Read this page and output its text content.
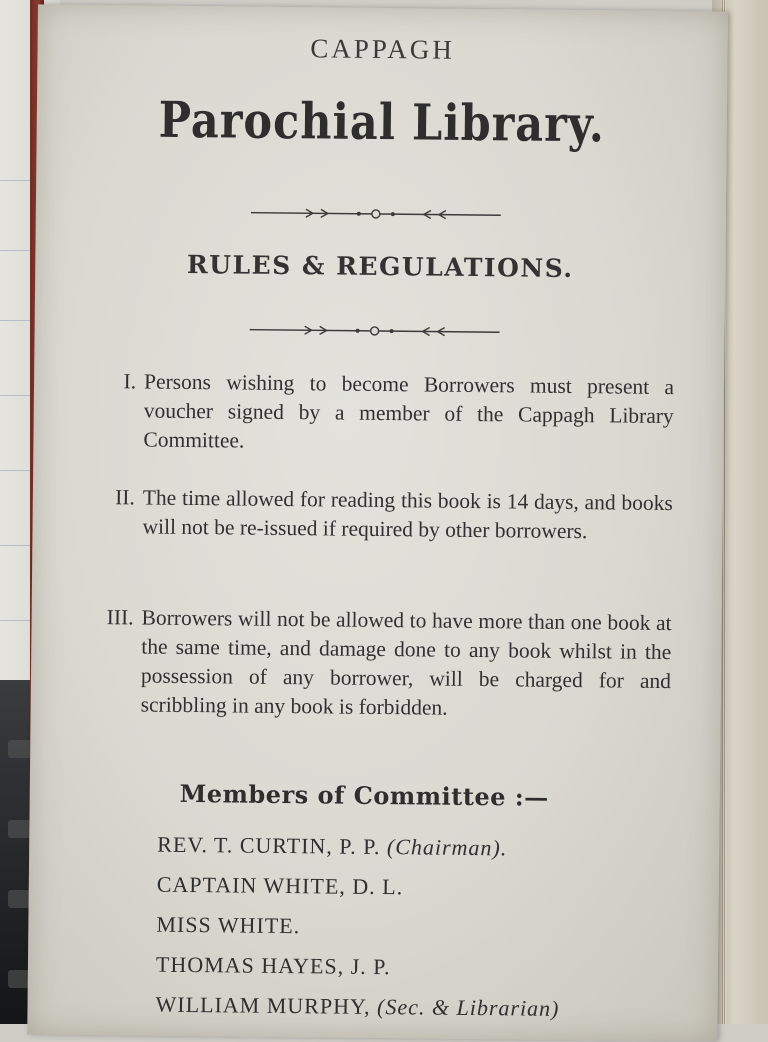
CAPPAGH
Parochial Library.
RULES & REGULATIONS.
I. Persons wishing to become Borrowers must present a voucher signed by a member of the Cappagh Library Committee.
II. The time allowed for reading this book is 14 days, and books will not be re-issued if required by other borrowers.
III. Borrowers will not be allowed to have more than one book at the same time, and damage done to any book whilst in the possession of any borrower, will be charged for and scribbling in any book is forbidden.
Members of Committee :—
REV. T. CURTIN, P. P. (Chairman).
CAPTAIN WHITE, D. L.
MISS WHITE.
THOMAS HAYES, J. P.
WILLIAM MURPHY, (Sec. & Librarian)
